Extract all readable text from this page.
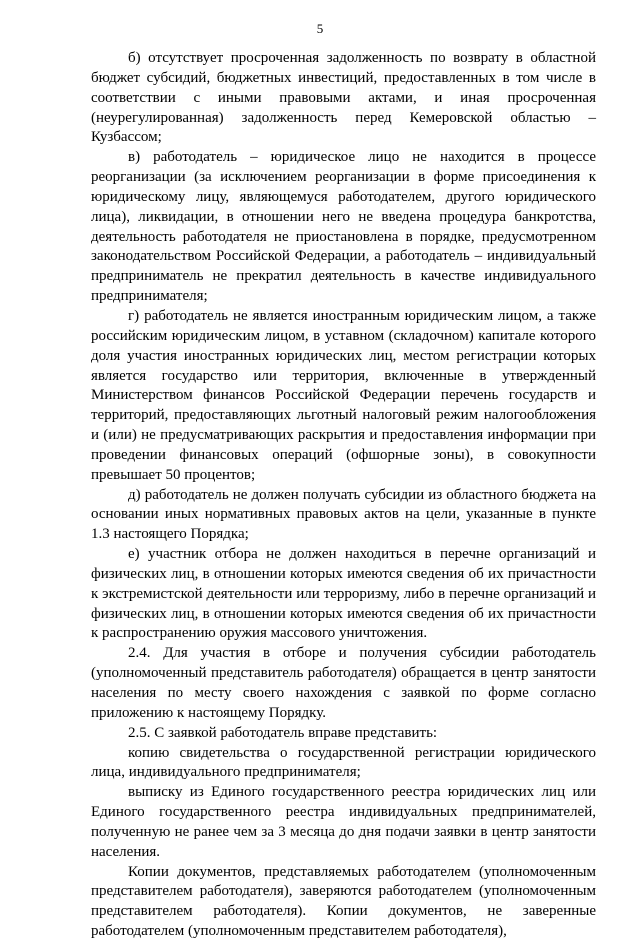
5

б) отсутствует просроченная задолженность по возврату в областной бюджет субсидий, бюджетных инвестиций, предоставленных в том числе в соответствии с иными правовыми актами, и иная просроченная (неурегулированная) задолженность перед Кемеровской областью – Кузбассом;

в) работодатель – юридическое лицо не находится в процессе реорганизации (за исключением реорганизации в форме присоединения к юридическому лицу, являющемуся работодателем, другого юридического лица), ликвидации, в отношении него не введена процедура банкротства, деятельность работодателя не приостановлена в порядке, предусмотренном законодательством Российской Федерации, а работодатель – индивидуальный предприниматель не прекратил деятельность в качестве индивидуального предпринимателя;

г) работодатель не является иностранным юридическим лицом, а также российским юридическим лицом, в уставном (складочном) капитале которого доля участия иностранных юридических лиц, местом регистрации которых является государство или территория, включенные в утвержденный Министерством финансов Российской Федерации перечень государств и территорий, предоставляющих льготный налоговый режим налогообложения и (или) не предусматривающих раскрытия и предоставления информации при проведении финансовых операций (офшорные зоны), в совокупности превышает 50 процентов;

д) работодатель не должен получать субсидии из областного бюджета на основании иных нормативных правовых актов на цели, указанные в пункте 1.3 настоящего Порядка;

е) участник отбора не должен находиться в перечне организаций и физических лиц, в отношении которых имеются сведения об их причастности к экстремистской деятельности или терроризму, либо в перечне организаций и физических лиц, в отношении которых имеются сведения об их причастности к распространению оружия массового уничтожения.

2.4. Для участия в отборе и получения субсидии работодатель (уполномоченный представитель работодателя) обращается в центр занятости населения по месту своего нахождения с заявкой по форме согласно приложению к настоящему Порядку.

2.5. С заявкой работодатель вправе представить:

копию свидетельства о государственной регистрации юридического лица, индивидуального предпринимателя;

выписку из Единого государственного реестра юридических лиц или Единого государственного реестра индивидуальных предпринимателей, полученную не ранее чем за 3 месяца до дня подачи заявки в центр занятости населения.

Копии документов, представляемых работодателем (уполномоченным представителем работодателя), заверяются работодателем (уполномоченным представителем работодателя). Копии документов, не заверенные работодателем (уполномоченным представителем работодателя),
